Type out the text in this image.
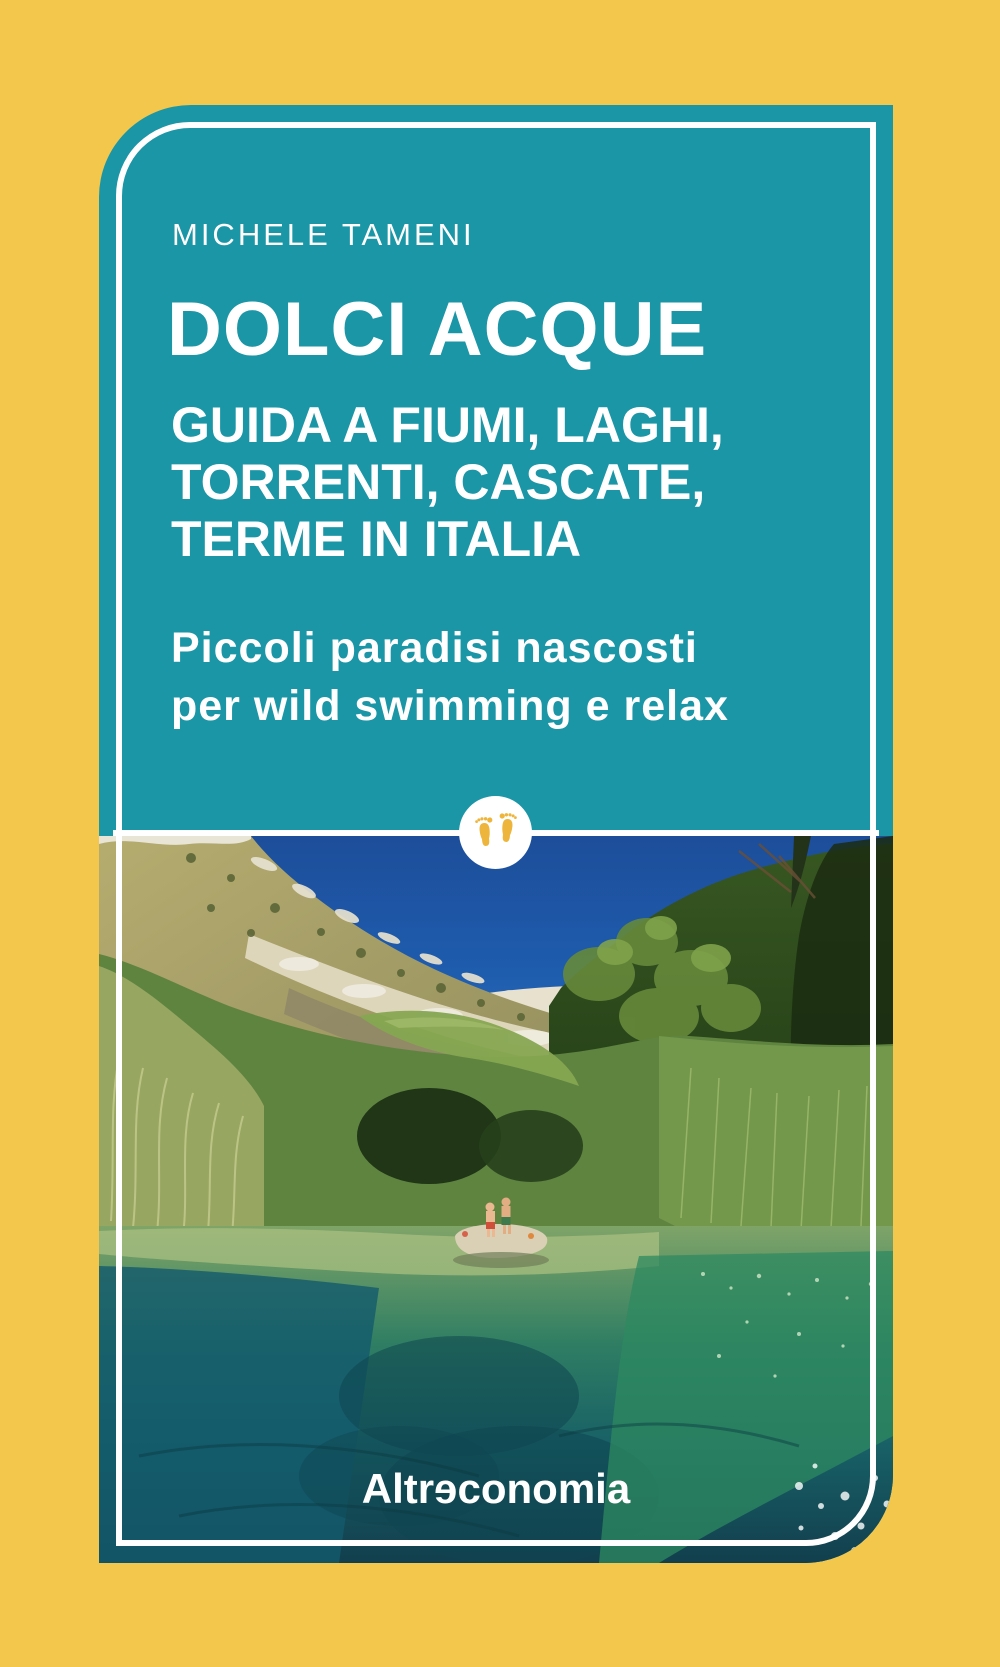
MICHELE TAMENI
DOLCI ACQUE
GUIDA A FIUMI, LAGHI,
TORRENTI, CASCATE,
TERME IN ITALIA
Piccoli paradisi nascosti
per wild swimming e relax
Altreconomia
